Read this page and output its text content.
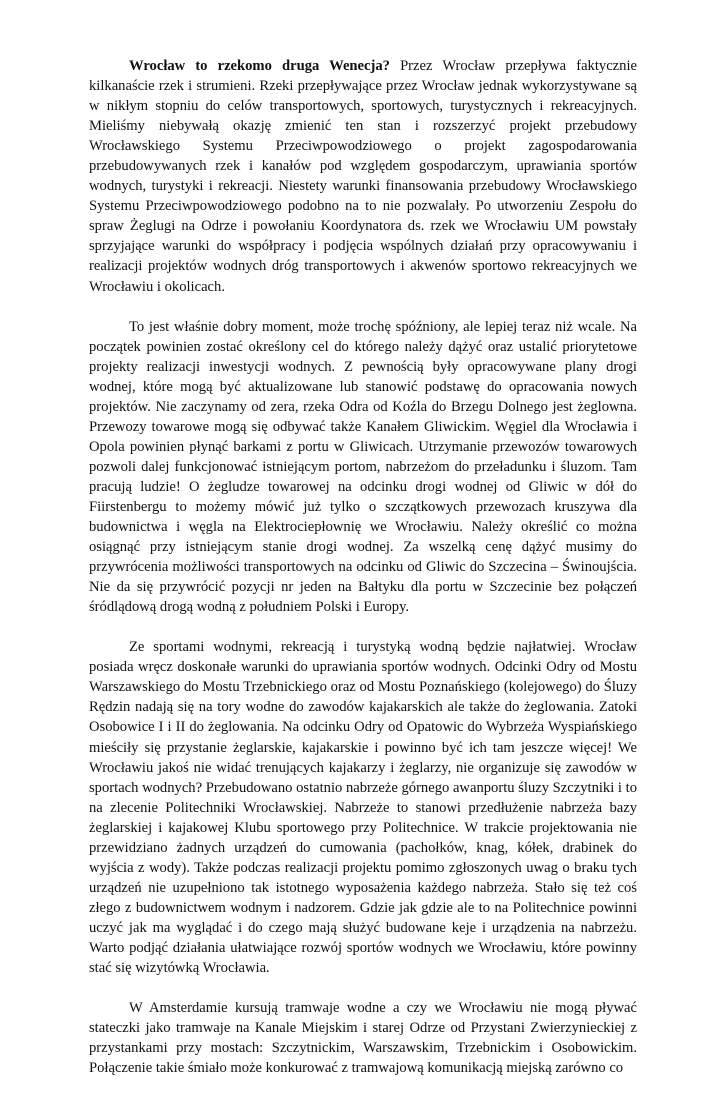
Wrocław to rzekomo druga Wenecja? Przez Wrocław przepływa faktycznie kilkanaście rzek i strumieni. Rzeki przepływające przez Wrocław jednak wykorzystywane są w nikłym stopniu do celów transportowych, sportowych, turystycznych i rekreacyjnych. Mieliśmy niebywałą okazję zmienić ten stan i rozszerzyć projekt przebudowy Wrocławskiego Systemu Przeciwpowodziowego o projekt zagospodarowania przebudowywanych rzek i kanałów pod względem gospodarczym, uprawiania sportów wodnych, turystyki i rekreacji. Niestety warunki finansowania przebudowy Wrocławskiego Systemu Przeciwpowodziowego podobno na to nie pozwalały. Po utworzeniu Zespołu do spraw Żeglugi na Odrze i powołaniu Koordynatora ds. rzek we Wrocławiu UM powstały sprzyjające warunki do współpracy i podjęcia wspólnych działań przy opracowywaniu i realizacji projektów wodnych dróg transportowych i akwenów sportowo rekreacyjnych we Wrocławiu i okolicach.

To jest właśnie dobry moment, może trochę spóźniony, ale lepiej teraz niż wcale. Na początek powinien zostać określony cel do którego należy dążyć oraz ustalić priorytetowe projekty realizacji inwestycji wodnych. Z pewnością były opracowywane plany drogi wodnej, które mogą być aktualizowane lub stanowić podstawę do opracowania nowych projektów. Nie zaczynamy od zera, rzeka Odra od Koźla do Brzegu Dolnego jest żeglowna. Przewozy towarowe mogą się odbywać także Kanałem Gliwickim. Węgiel dla Wrocławia i Opola powinien płynąć barkami z portu w Gliwicach. Utrzymanie przewozów towarowych pozwoli dalej funkcjonować istniejącym portom, nabrzeżom do przeładunku i śluzom. Tam pracują ludzie! O żegludze towarowej na odcinku drogi wodnej od Gliwic w dół do Fiirstenbergu to możemy mówić już tylko o szczątkowych przewozach kruszywa dla budownictwa i węgla na Elektrociepłownię we Wrocławiu. Należy określić co można osiągnąć przy istniejącym stanie drogi wodnej. Za wszelką cenę dążyć musimy do przywrócenia możliwości transportowych na odcinku od Gliwic do Szczecina – Świnoujścia. Nie da się przywrócić pozycji nr jeden na Bałtyku dla portu w Szczecinie bez połączeń śródlądową drogą wodną z południem Polski i Europy.

Ze sportami wodnymi, rekreacją i turystyką wodną będzie najłatwiej. Wrocław posiada wręcz doskonałe warunki do uprawiania sportów wodnych. Odcinki Odry od Mostu Warszawskiego do Mostu Trzebnickiego oraz od Mostu Poznańskiego (kolejowego) do Śluzy Rędzin nadają się na tory wodne do zawodów kajakarskich ale także do żeglowania. Zatoki Osobowice I i II do żeglowania. Na odcinku Odry od Opatowic do Wybrzeża Wyspiańskiego mieściły się przystanie żeglarskie, kajakarskie i powinno być ich tam jeszcze więcej! We Wrocławiu jakoś nie widać trenujących kajakarzy i żeglarzy, nie organizuje się zawodów w sportach wodnych? Przebudowano ostatnio nabrzeże górnego awanportu śluzy Szczytniki i to na zlecenie Politechniki Wrocławskiej. Nabrzeże to stanowi przedłużenie nabrzeża bazy żeglarskiej i kajakowej Klubu sportowego przy Politechnice. W trakcie projektowania nie przewidziano żadnych urządzeń do cumowania (pachołków, knag, kółek, drabinek do wyjścia z wody). Także podczas realizacji projektu pomimo zgłoszonych uwag o braku tych urządzeń nie uzupełniono tak istotnego wyposażenia każdego nabrzeża. Stało się też coś złego z budownictwem wodnym i nadzorem. Gdzie jak gdzie ale to na Politechnice powinni uczyć jak ma wyglądać i do czego mają służyć budowane keje i urządzenia na nabrzeżu. Warto podjąć działania ułatwiające rozwój sportów wodnych we Wrocławiu, które powinny stać się wizytówką Wrocławia.

W Amsterdamie kursują tramwaje wodne a czy we Wrocławiu nie mogą pływać stateczki jako tramwaje na Kanale Miejskim i starej Odrze od Przystani Zwierzynieckiej z przystankami przy mostach: Szczytnickim, Warszawskim, Trzebnickim i Osobowickim. Połączenie takie śmiało może konkurować z tramwajową komunikacją miejską zarówno co
